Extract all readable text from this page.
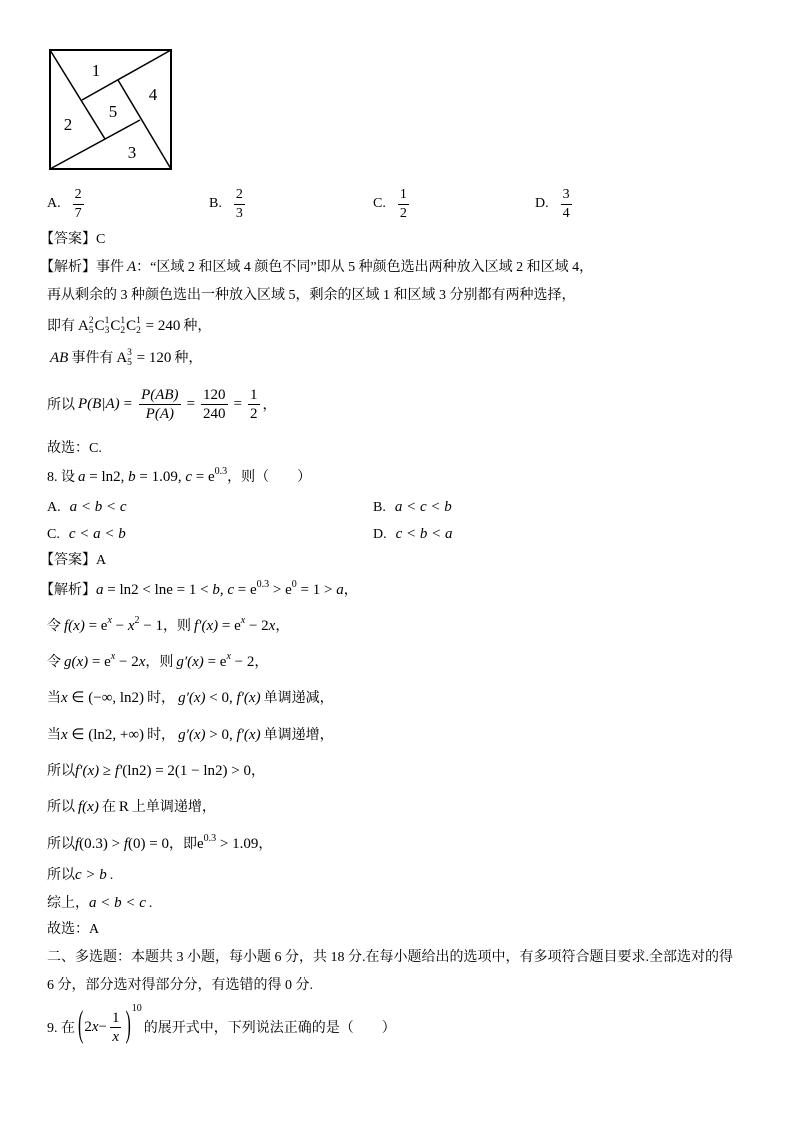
1
2
3
4
5
A. $\frac{2}{7}$	B. $\frac{2}{3}$	C. $\frac{1}{2}$	D. $\frac{3}{4}$
【答案】C
【解析】事件 A：“区域 2 和区域 4 颜色不同”即从 5 种颜色选出两种放入区域 2 和区域 4，
再从剩余的 3 种颜色选出一种放入区域 5，剩余的区域 1 和区域 3 分别都有两种选择，
即有 A 2
5 C 1
3 C 1
2 C 1
2 = 240 种，
AB 事件有 A 3
5 = 120 种，
所以 $P(B|A) = \frac{P(AB)}{P(A)} = \frac{120}{240} = \frac{1}{2}$ ，
故选：C.
8. 设 a = ln2, b = 1.09, $c = e^{0.3}$，则（　　）
A. a < b < c	B. a < c < b
C. c < a < b	D. c < b < a
【答案】A
【解析】a = ln2 < lne = 1 < b, $c = e^{0.3} > e^0 = 1 > a$，
令 $f(x) = e^x - x^2 - 1$，则 $f'(x) = e^x - 2x$，
令 $g(x) = e^x - 2x$，则 $g'(x) = e^x - 2$，
当x ∈ (−∞, ln2) 时， g′(x) < 0, f′(x) 单调递减，
当x ∈ (ln2, +∞) 时， g′(x) > 0, f′(x) 单调递增，
所以f′(x) ≥ f′(ln2) = 2(1 − ln2) > 0，
所以 f(x) 在 R 上单调递增，
所以f(0.3) > f(0) = 0，即$e^{0.3} > 1.09$，
所以c > b .
综上，a < b < c .
故选：A
二、多选题：本题共 3 小题，每小题 6 分，共 18 分.在每小题给出的选项中，有多项符合题目要求.全部选对的得
6 分，部分选对得部分分，有选错的得 0 分.
9. 在 ( 2 $x - \frac{1}{x}$ ) 10
的展开式中，下列说法正确的是（　　）
